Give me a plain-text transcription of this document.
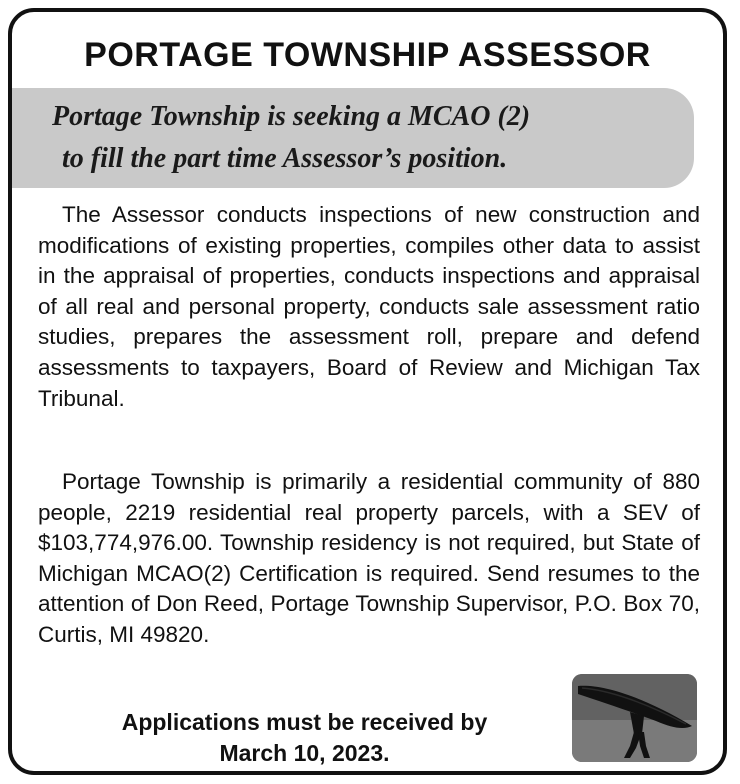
PORTAGE TOWNSHIP ASSESSOR

Portage Township is seeking a MCAO (2)
to fill the part time Assessor’s position.

The Assessor conducts inspections of new construction and modifications of existing properties, compiles other data to assist in the appraisal of properties, conducts inspections and appraisal of all real and personal property, conducts sale assessment ratio studies, prepares the assessment roll, prepare and defend assessments to taxpayers, Board of Review and Michigan Tax Tribunal.

Portage Township is primarily a residential community of 880 people, 2219 residential real property parcels, with a SEV of $103,774,976.00. Township residency is not required, but State of Michigan MCAO(2) Certification is required. Send resumes to the attention of Don Reed, Portage Township Supervisor, P.O. Box 70, Curtis, MI 49820.

Applications must be received by
March 10, 2023.
